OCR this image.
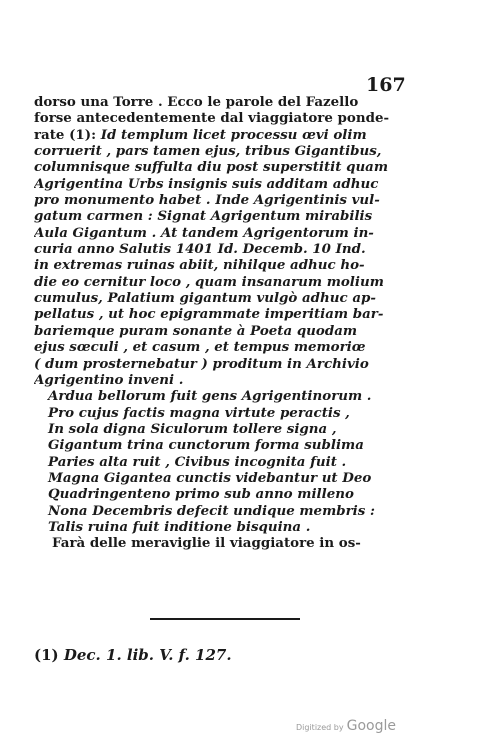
167
dorso una Torre . Ecco le parole del Fazello
forse antecedentemente dal viaggiatore ponde-
rate (1): Id templum licet processu œvi olim
corruerit , pars tamen ejus, tribus Gigantibus,
columnisque suffulta diu post superstitit quam
Agrigentina Urbs insignis suis additam adhuc
pro monumento habet . Inde Agrigentinis vul-
gatum carmen : Signat Agrigentum mirabilis
Aula Gigantum . At tandem Agrigentorum in-
curia anno Salutis 1401 Id. Decemb. 10 Ind.
in extremas ruinas abiit, nihilque adhuc ho-
die eo cernitur loco , quam insanarum molium
cumulus, Palatium gigantum vulgò adhuc ap-
pellatus , ut hoc epigrammate imperitiam bar-
bariemque puram sonante à Poeta quodam
ejus sœculi , et casum , et tempus memoriœ
( dum prosternebatur ) proditum in Archivio
Agrigentino inveni .
Ardua bellorum fuit gens Agrigentinorum .
Pro cujus factis magna virtute peractis ,
In sola digna Siculorum tollere signa ,
Gigantum trina cunctorum forma sublima
Paries alta ruit , Civibus incognita fuit .
Magna Gigantea cunctis videbantur ut Deo
Quadringenteno primo sub anno milleno
Nona Decembris defecit undique membris :
Talis ruina fuit inditione bisquina .
Farà delle meraviglie il viaggiatore in os-
(1) Dec. 1. lib. V. f. 127.
Digitized by Google
